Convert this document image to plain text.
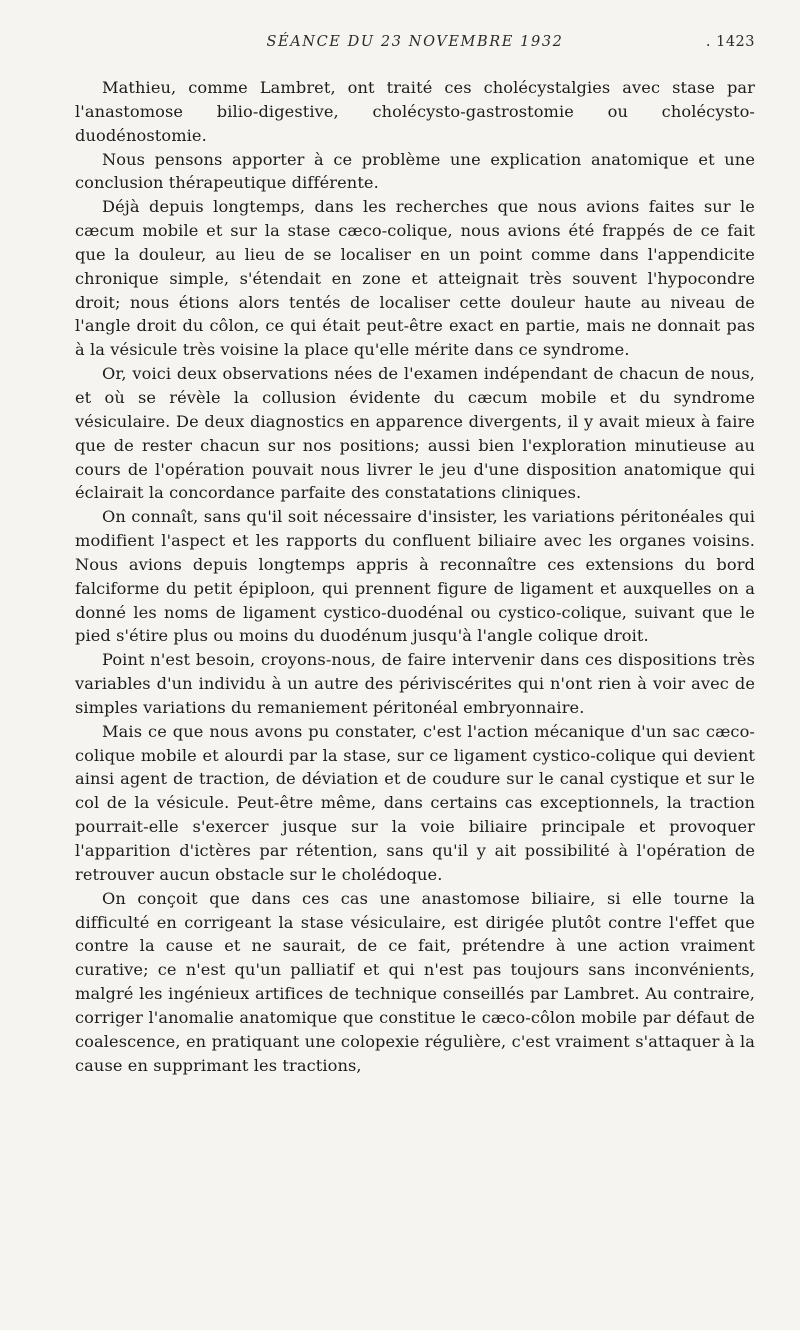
SÉANCE DU 23 NOVEMBRE 1932	. 1423

Mathieu, comme Lambret, ont traité ces cholécystalgies avec stase par l'anastomose bilio-digestive, cholécysto-gastrostomie ou cholécysto-duodénostomie.

Nous pensons apporter à ce problème une explication anatomique et une conclusion thérapeutique différente.

Déjà depuis longtemps, dans les recherches que nous avions faites sur le cæcum mobile et sur la stase cæco-colique, nous avions été frappés de ce fait que la douleur, au lieu de se localiser en un point comme dans l'appendicite chronique simple, s'étendait en zone et atteignait très souvent l'hypocondre droit; nous étions alors tentés de localiser cette douleur haute au niveau de l'angle droit du côlon, ce qui était peut-être exact en partie, mais ne donnait pas à la vésicule très voisine la place qu'elle mérite dans ce syndrome.

Or, voici deux observations nées de l'examen indépendant de chacun de nous, et où se révèle la collusion évidente du cæcum mobile et du syndrome vésiculaire. De deux diagnostics en apparence divergents, il y avait mieux à faire que de rester chacun sur nos positions; aussi bien l'exploration minutieuse au cours de l'opération pouvait nous livrer le jeu d'une disposition anatomique qui éclairait la concordance parfaite des constatations cliniques.

On connaît, sans qu'il soit nécessaire d'insister, les variations péritonéales qui modifient l'aspect et les rapports du confluent biliaire avec les organes voisins. Nous avions depuis longtemps appris à reconnaître ces extensions du bord falciforme du petit épiploon, qui prennent figure de ligament et auxquelles on a donné les noms de ligament cystico-duodénal ou cystico-colique, suivant que le pied s'étire plus ou moins du duodénum jusqu'à l'angle colique droit.

Point n'est besoin, croyons-nous, de faire intervenir dans ces dispositions très variables d'un individu à un autre des périviscérites qui n'ont rien à voir avec de simples variations du remaniement péritonéal embryonnaire.

Mais ce que nous avons pu constater, c'est l'action mécanique d'un sac cæco-colique mobile et alourdi par la stase, sur ce ligament cystico-colique qui devient ainsi agent de traction, de déviation et de coudure sur le canal cystique et sur le col de la vésicule. Peut-être même, dans certains cas exceptionnels, la traction pourrait-elle s'exercer jusque sur la voie biliaire principale et provoquer l'apparition d'ictères par rétention, sans qu'il y ait possibilité à l'opération de retrouver aucun obstacle sur le cholédoque.

On conçoit que dans ces cas une anastomose biliaire, si elle tourne la difficulté en corrigeant la stase vésiculaire, est dirigée plutôt contre l'effet que contre la cause et ne saurait, de ce fait, prétendre à une action vraiment curative; ce n'est qu'un palliatif et qui n'est pas toujours sans inconvénients, malgré les ingénieux artifices de technique conseillés par Lambret. Au contraire, corriger l'anomalie anatomique que constitue le cæco-côlon mobile par défaut de coalescence, en pratiquant une colopexie régulière, c'est vraiment s'attaquer à la cause en supprimant les tractions,
